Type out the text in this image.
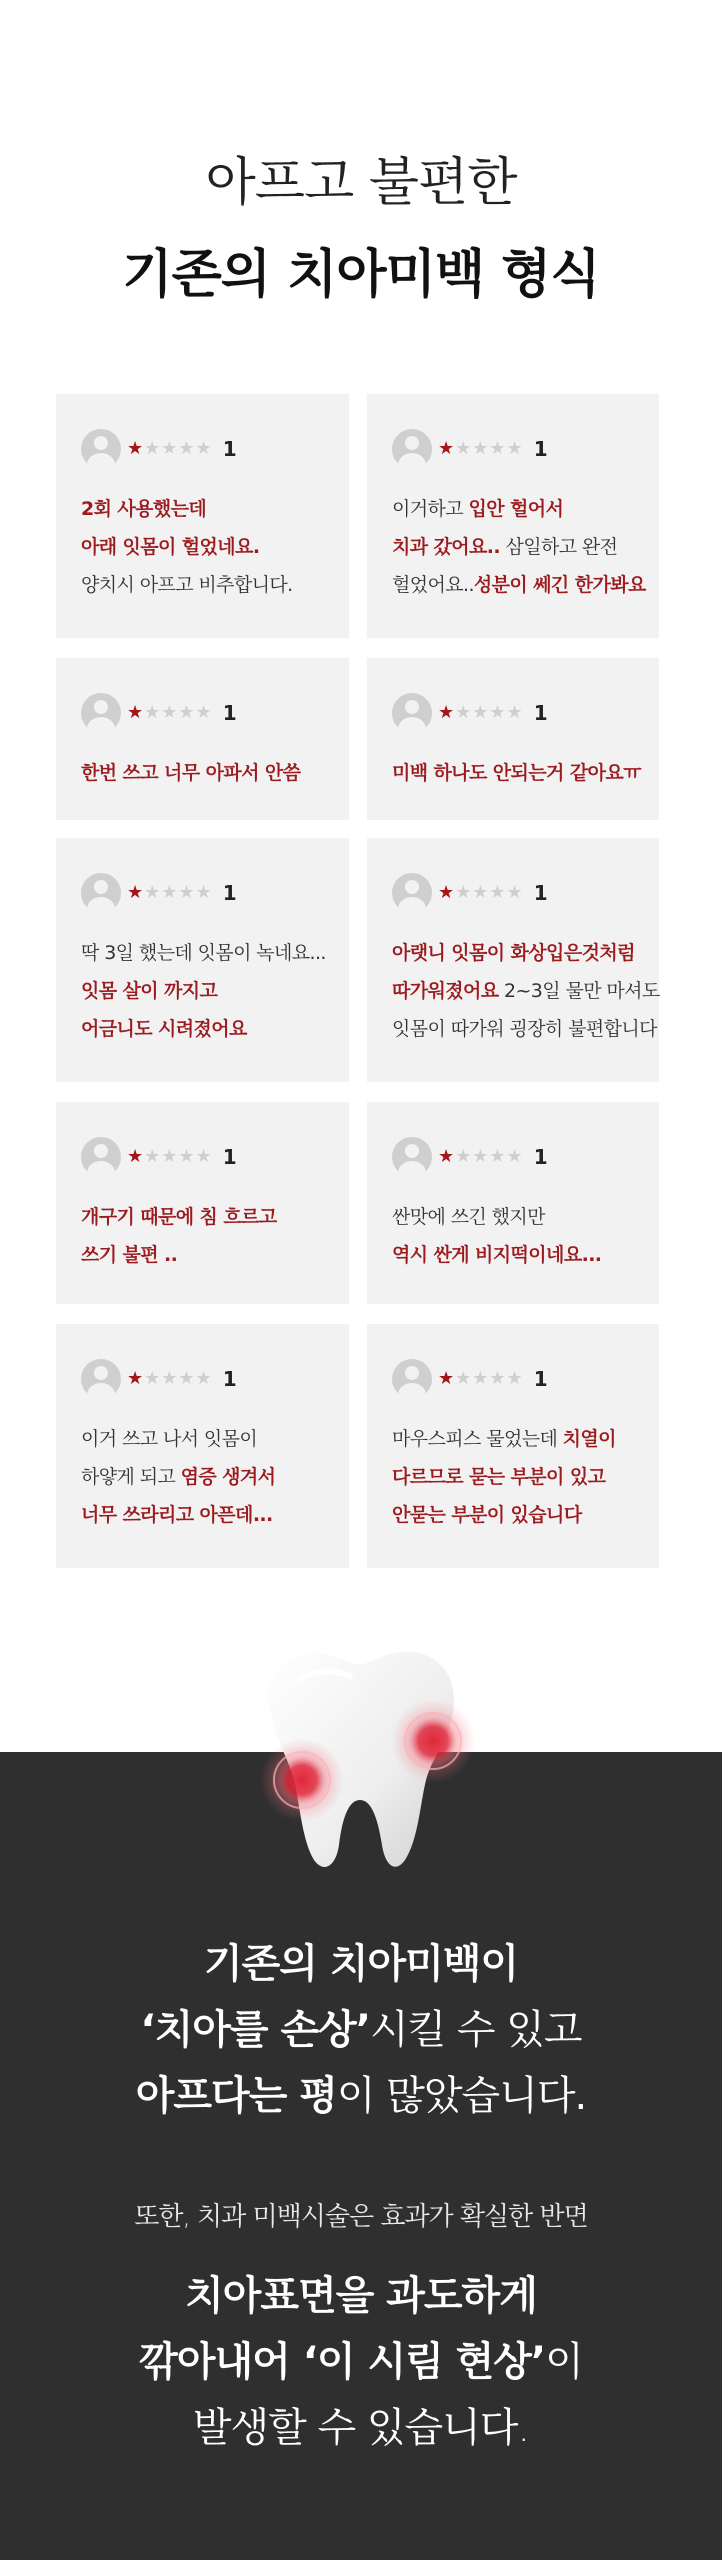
아프고 불편한
기존의 치아미백 형식
★★★★★ 1
2회 사용했는데
아래 잇몸이 헐었네요.
양치시 아프고 비추합니다.
★★★★★ 1
이거하고 입안 헐어서
치과 갔어요.. 삼일하고 완전
헐었어요..성분이 쎄긴 한가봐요
★★★★★ 1
한번 쓰고 너무 아파서 안씀
★★★★★ 1
미백 하나도 안되는거 같아요ㅠ
★★★★★ 1
딱 3일 했는데 잇몸이 녹네요...
잇몸 살이 까지고
어금니도 시려졌어요
★★★★★ 1
아랫니 잇몸이 화상입은것처럼
따가워졌어요 2~3일 물만 마셔도
잇몸이 따가워 굉장히 불편합니다
★★★★★ 1
개구기 때문에 침 흐르고
쓰기 불편 ..
★★★★★ 1
싼맛에 쓰긴 했지만
역시 싼게 비지떡이네요...
★★★★★ 1
이거 쓰고 나서 잇몸이
하얗게 되고 염증 생겨서
너무 쓰라리고 아픈데...
★★★★★ 1
마우스피스 물었는데 치열이
다르므로 묻는 부분이 있고
안묻는 부분이 있습니다
기존의 치아미백이
‘치아를 손상’시킬 수 있고
아프다는 평이 많았습니다.
또한, 치과 미백시술은 효과가 확실한 반면
치아표면을 과도하게
깎아내어 ‘이 시림 현상’이
발생할 수 있습니다.
